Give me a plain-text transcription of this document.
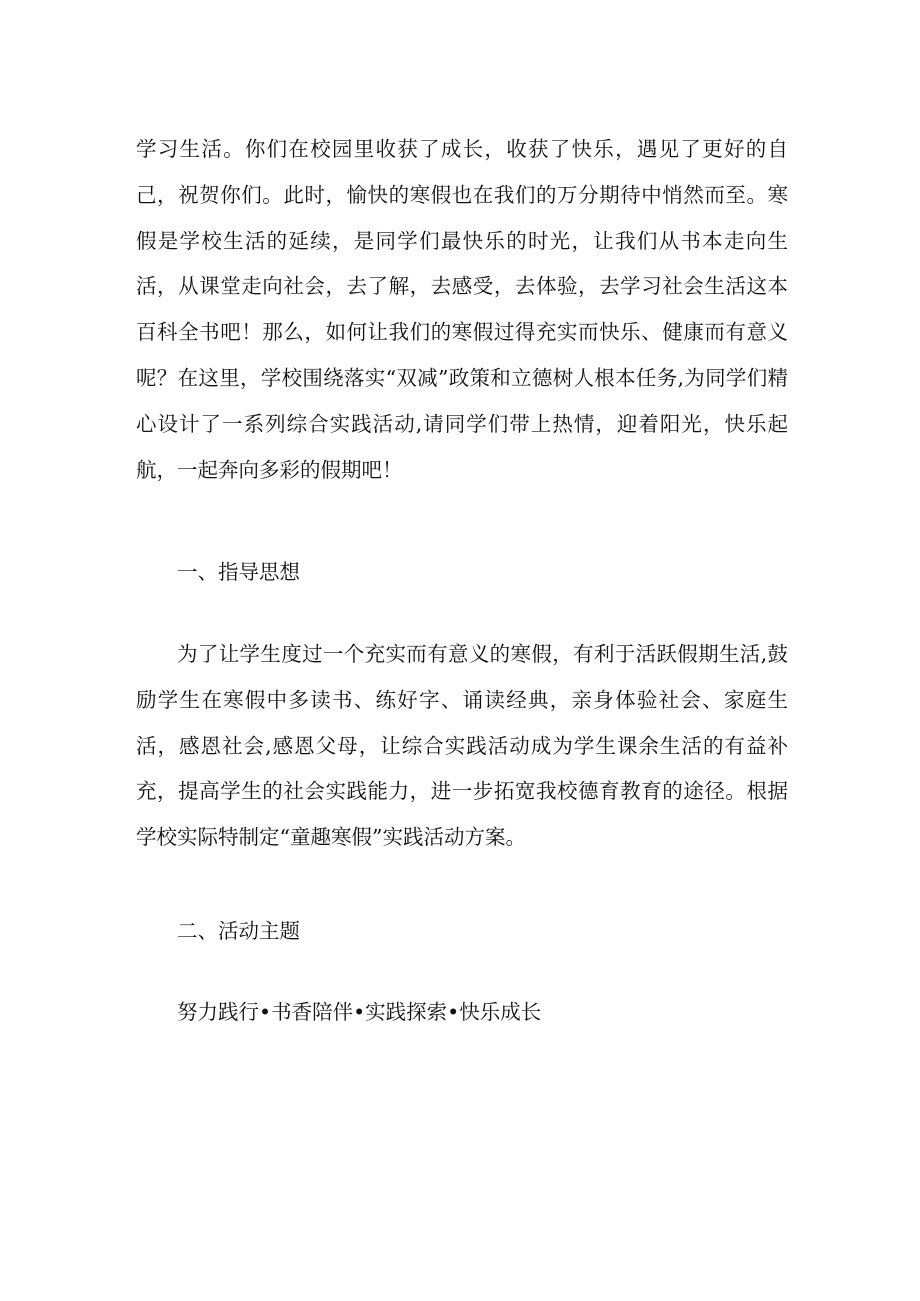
学习生活。你们在校园里收获了成长，收获了快乐，遇见了更好的自己，祝贺你们。此时，愉快的寒假也在我们的万分期待中悄然而至。寒假是学校生活的延续，是同学们最快乐的时光，让我们从书本走向生活，从课堂走向社会，去了解，去感受，去体验，去学习社会生活这本百科全书吧！那么，如何让我们的寒假过得充实而快乐、健康而有意义呢？在这里，学校围绕落实“双减”政策和立德树人根本任务,为同学们精心设计了一系列综合实践活动,请同学们带上热情，迎着阳光，快乐起航，一起奔向多彩的假期吧！

一、指导思想

为了让学生度过一个充实而有意义的寒假，有利于活跃假期生活,鼓励学生在寒假中多读书、练好字、诵读经典，亲身体验社会、家庭生活，感恩社会,感恩父母，让综合实践活动成为学生课余生活的有益补充，提高学生的社会实践能力，进一步拓宽我校德育教育的途径。根据学校实际特制定“童趣寒假”实践活动方案。

二、活动主题

努力践行•书香陪伴•实践探索•快乐成长
